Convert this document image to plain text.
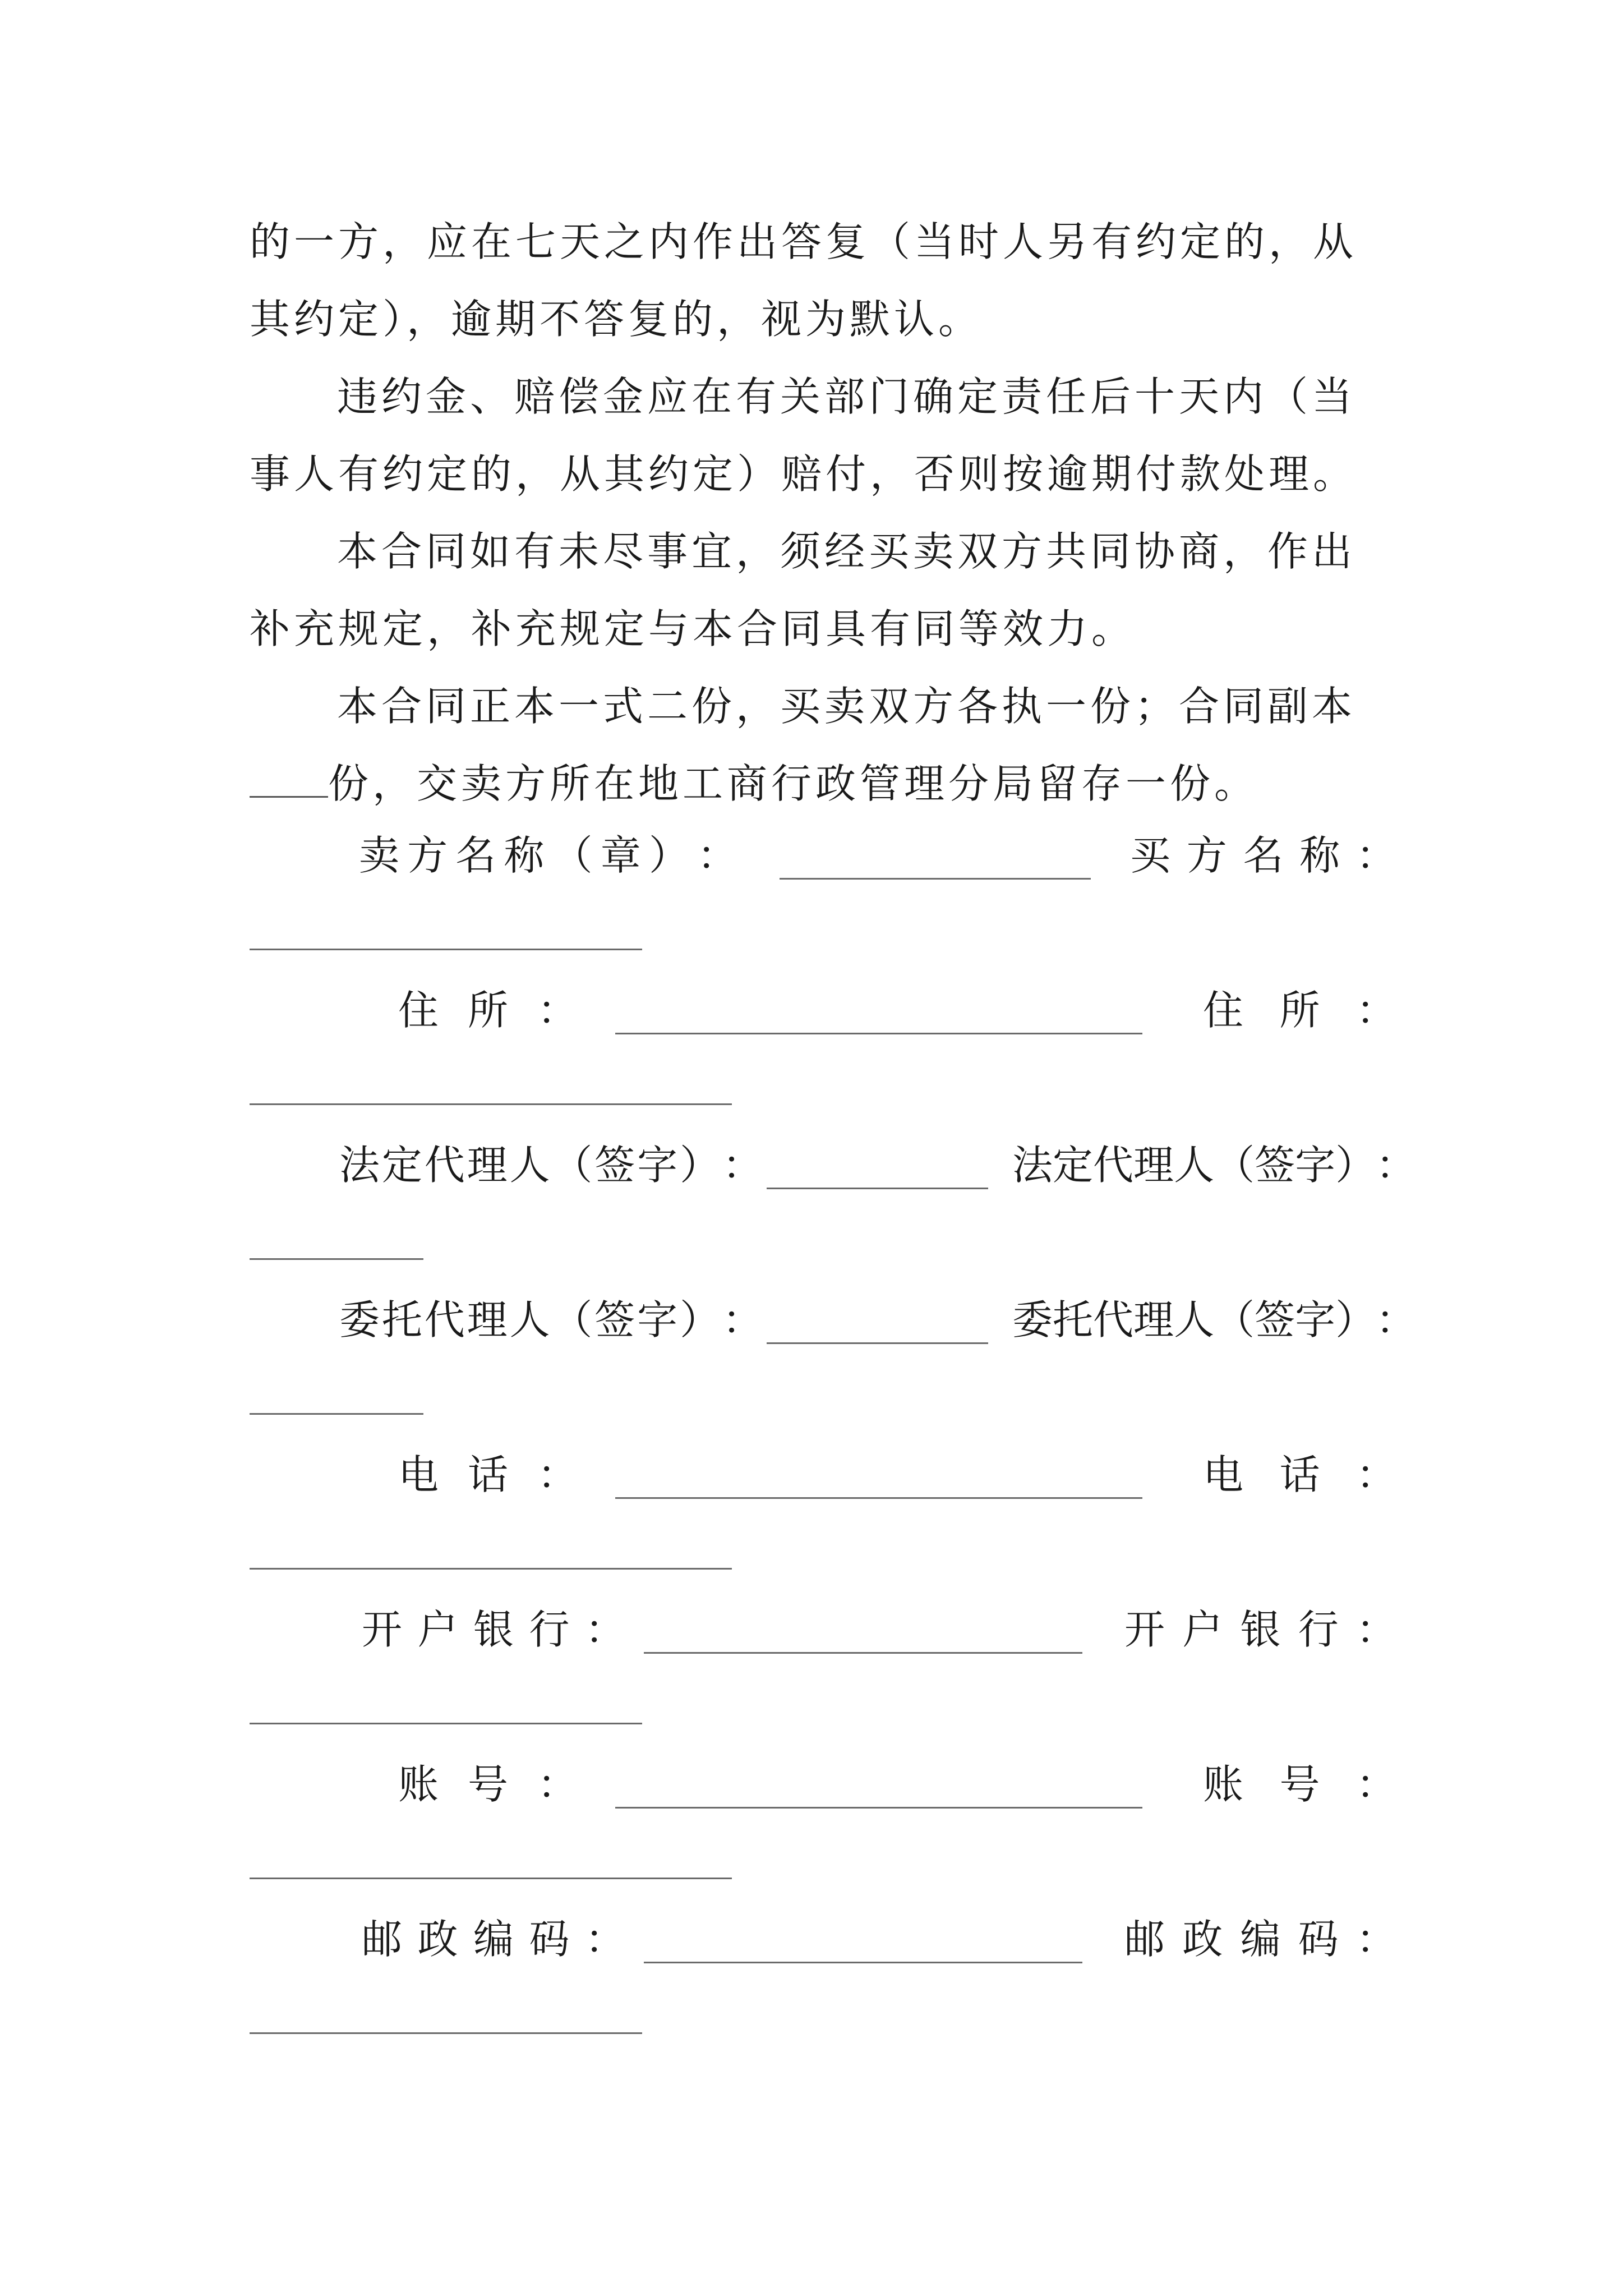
的一方，应在七天之内作出答复（当时人另有约定的，从其约定），逾期不答复的，视为默认。

违约金、赔偿金应在有关部门确定责任后十天内（当事人有约定的，从其约定）赔付，否则按逾期付款处理。

本合同如有未尽事宜，须经买卖双方共同协商，作出补充规定，补充规定与本合同具有同等效力。

本合同正本一式二份，买卖双方各执一份；合同副本份，交卖方所在地工商行政管理分局留存一份。

卖 方 名 称 （ 章 ） ：	买 方 名 称 ：
住 所 ：	住 所 ：
法 定 代 理 人 （ 签 字 ） ：	法 定 代 理 人 （ 签 字 ） ：
委 托 代 理 人 （ 签 字 ） ：	委 托 代 理 人 （ 签 字 ） ：
电 话 ：	电 话 ：
开 户 银 行 ：	开 户 银 行 ：
账 号 ：	账 号 ：
邮 政 编 码 ：	邮 政 编 码 ：
